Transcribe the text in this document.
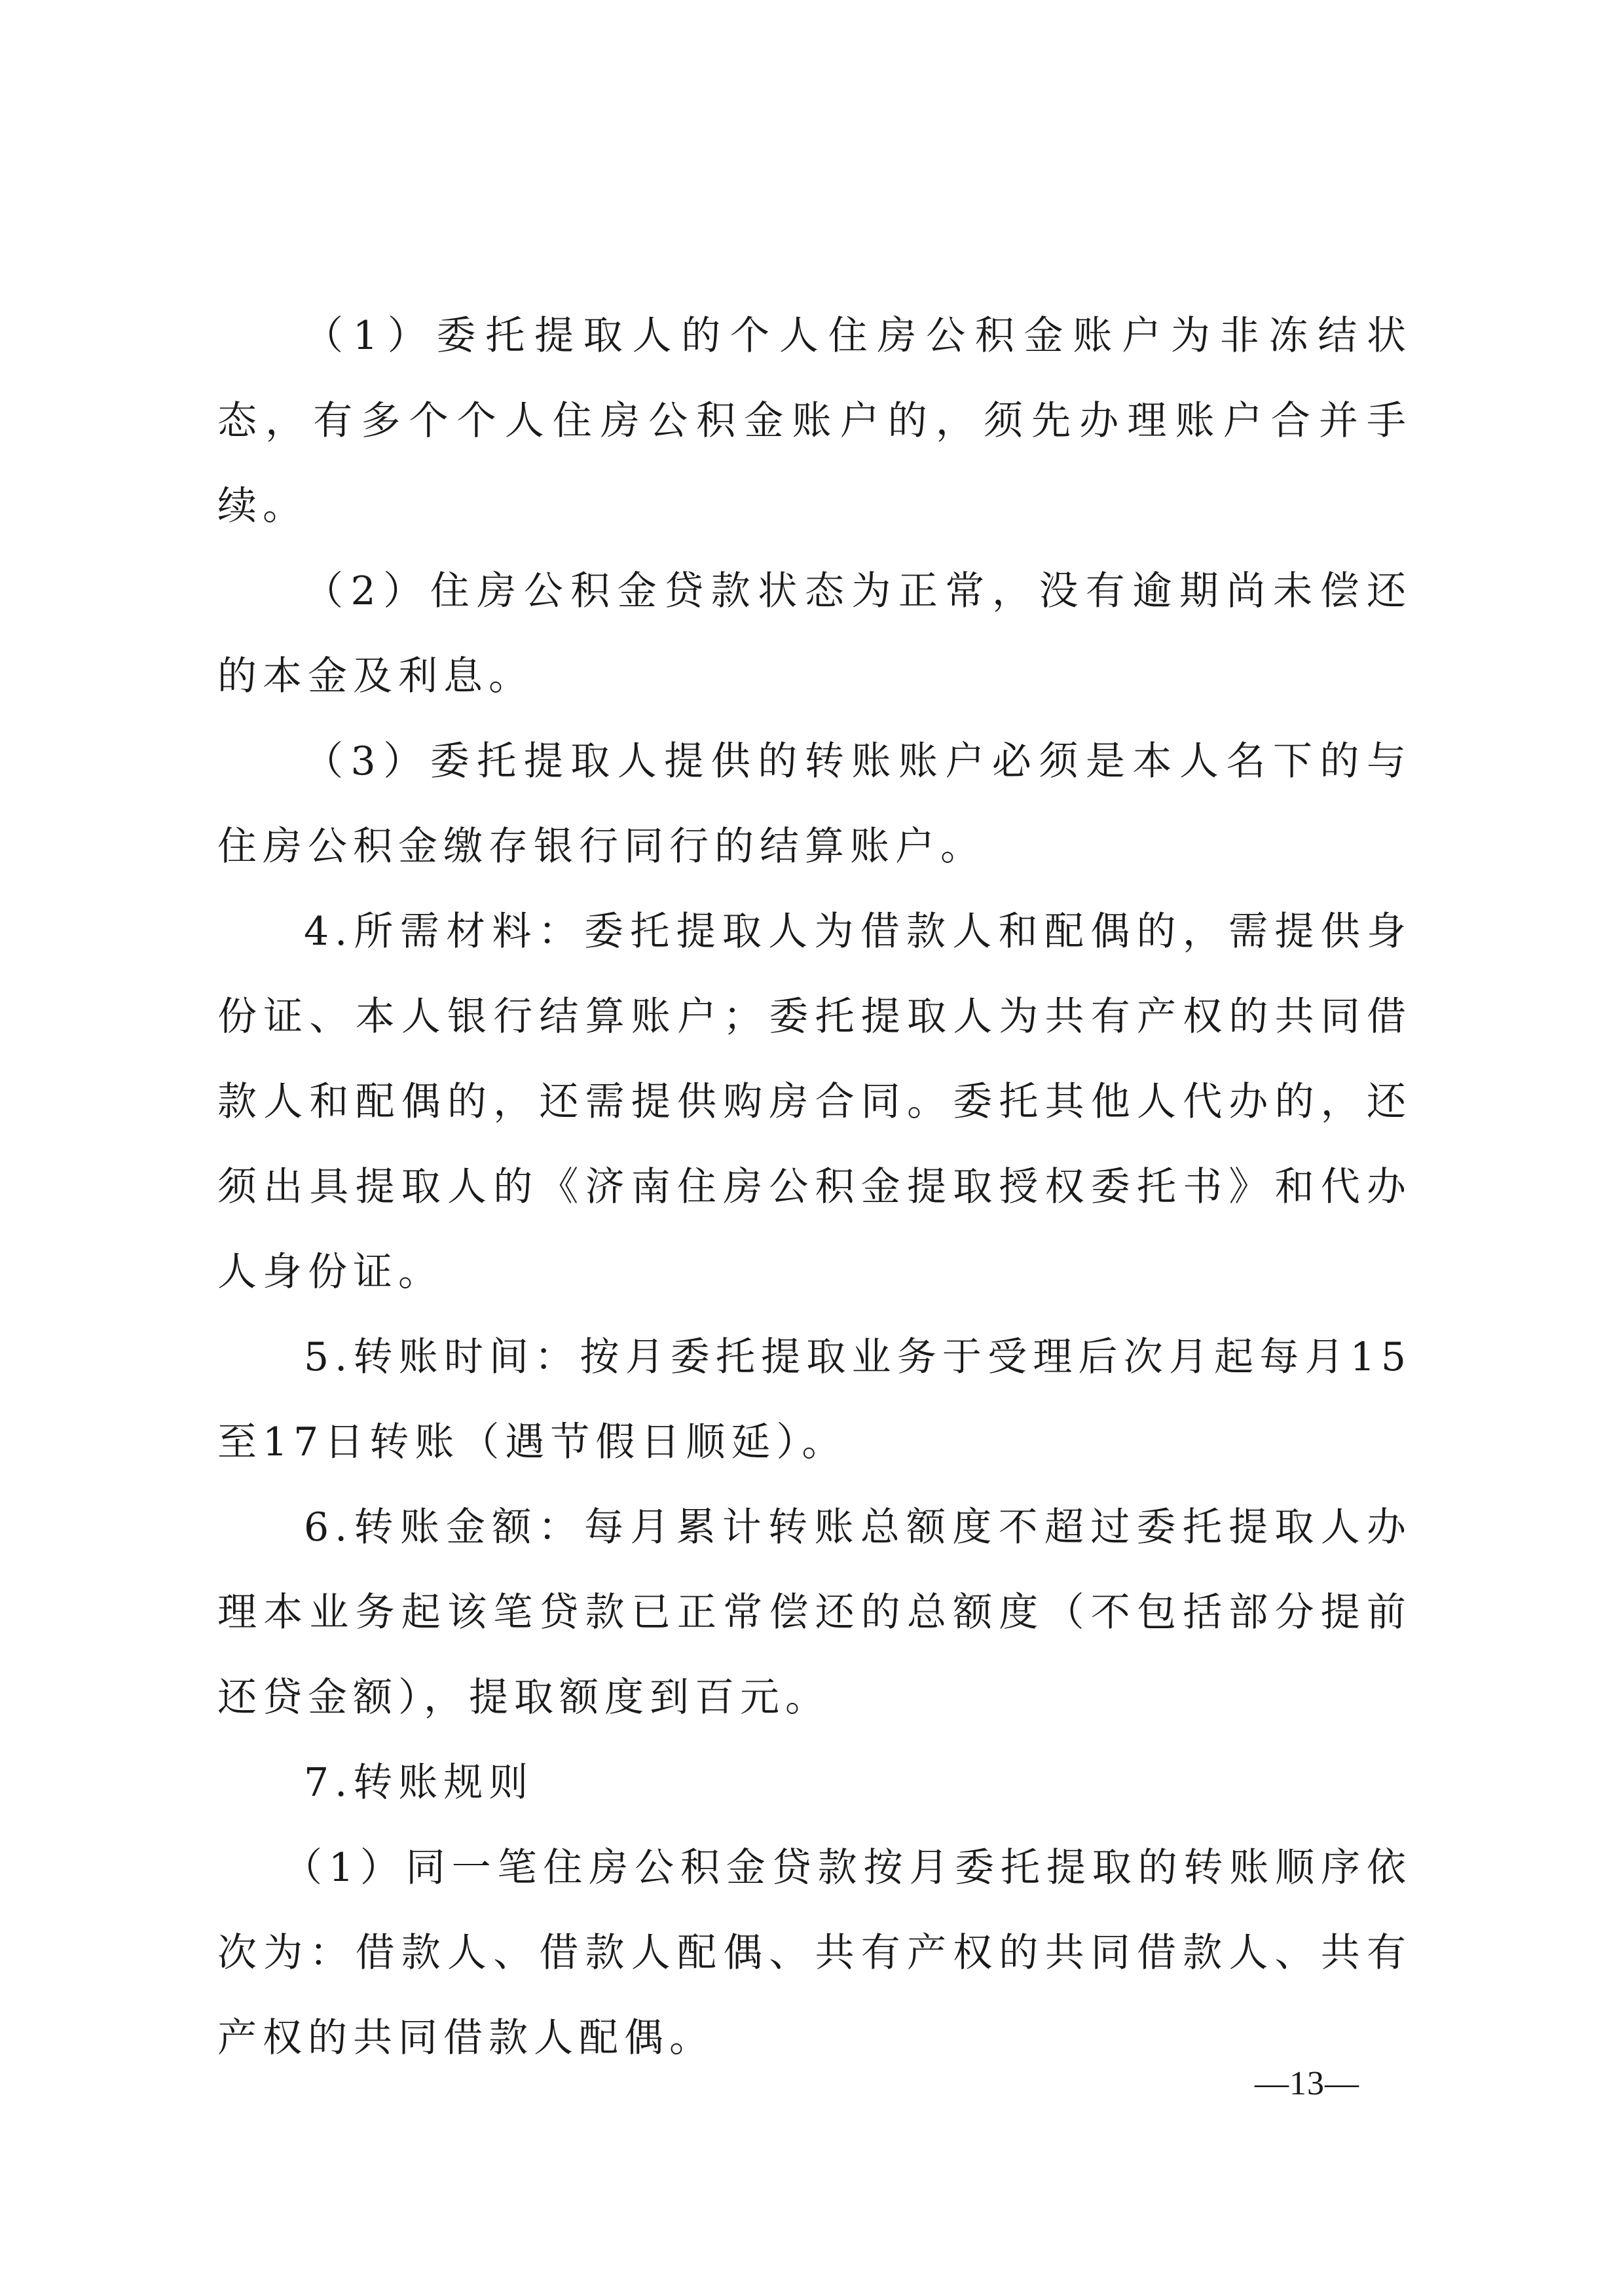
（1）委托提取人的个人住房公积金账户为非冻结状态，有多个个人住房公积金账户的，须先办理账户合并手续。

（2）住房公积金贷款状态为正常，没有逾期尚未偿还的本金及利息。

（3）委托提取人提供的转账账户必须是本人名下的与住房公积金缴存银行同行的结算账户。

4.所需材料：委托提取人为借款人和配偶的，需提供身份证、本人银行结算账户；委托提取人为共有产权的共同借款人和配偶的，还需提供购房合同。委托其他人代办的，还须出具提取人的《济南住房公积金提取授权委托书》和代办人身份证。

5.转账时间：按月委托提取业务于受理后次月起每月15至17日转账（遇节假日顺延）。

6.转账金额：每月累计转账总额度不超过委托提取人办理本业务起该笔贷款已正常偿还的总额度（不包括部分提前还贷金额），提取额度到百元。

7.转账规则

（1）同一笔住房公积金贷款按月委托提取的转账顺序依次为：借款人、借款人配偶、共有产权的共同借款人、共有产权的共同借款人配偶。

—13—
